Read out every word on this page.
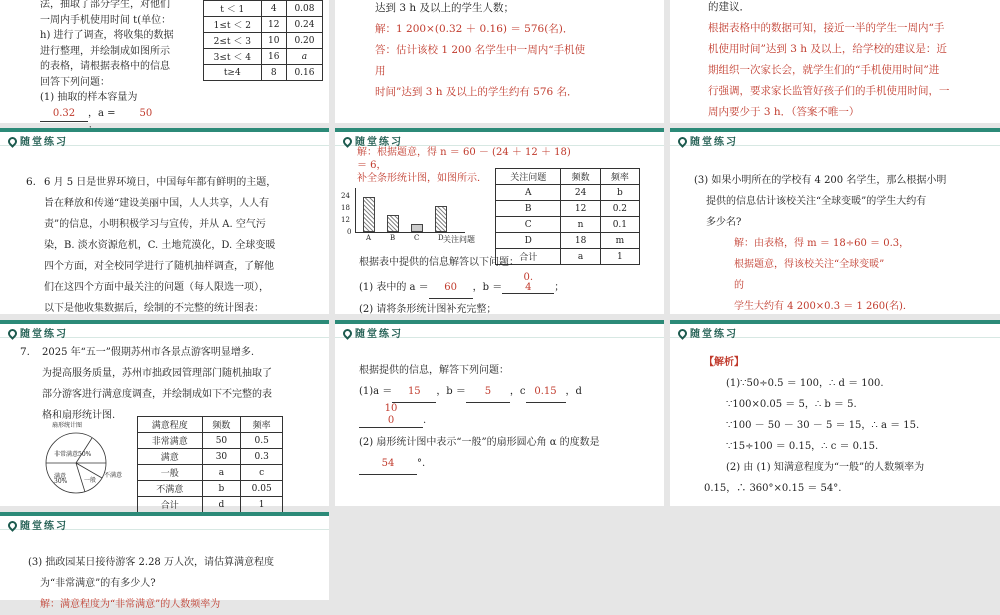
法，抽取了部分学生，对他们
一周内手机使用时间 t(单位：
h) 进行了调查，将收集的数据
进行整理，并绘制成如图所示
的表格，请根据表格中的信息
回答下列问题：
(1) 抽取的样本容量为
0.32 ，a = 50
t ＜ 1	4	0.08
1≤t ＜ 2	12	0.24
2≤t ＜ 3	10	0.20
3≤t ＜ 4	16	a
t≥4	8	0.16
达到 3 h 及以上的学生人数；
解：1 200×(0.32 ＋ 0.16) ＝ 576(名)．
答：估计该校 1 200 名学生中一周内“手机使
用
时间”达到 3 h 及以上的学生约有 576 名．
的建议．
根据表格中的数据可知，接近一半的学生一周内“手
机使用时间”达到 3 h 及以上，给学校的建议是：近
期组织一次家长会，就学生们的“手机使用时间”进
行强调，要求家长监管好孩子们的手机使用时间，一
周内要少于 3 h．（答案不唯一）
随堂练习
6. 6 月 5 日是世界环境日，中国每年都有鲜明的主题，
旨在释放和传递“建设美丽中国，人人共享，人人有
责”的信息，小明积极学习与宣传，并从 A. 空气污
染，B. 淡水资源危机，C. 土地荒漠化，D. 全球变暖
四个方面，对全校同学进行了随机抽样调查，了解他
们在这四个方面中最关注的问题（每人限选一项），
以下是他收集数据后，绘制的不完整的统计图表：
随堂练习
解：根据题意，得 n ＝ 60 － (24 ＋ 12 ＋ 18)
＝ 6，
补全条形统计图，如图所示．
24
18
12
0
A	B	C	D 关注问题
关注问题	频数	频率
A	24	b
B	12	0.2
C	n	0.1
D	18	m
合计	a	1
根据表中提供的信息解答以下问题：
(1) 表中的 a ＝ 60 ，b ＝0.
4 ；
(2) 请将条形统计图补充完整；
随堂练习
(3) 如果小明所在的学校有 4 200 名学生，那么根据小明
提供的信息估计该校关注“全球变暖”的学生大约有
多少名?
解：由表格，得 m ＝ 18÷60 ＝ 0.3，
根据题意，得该校关注“全球变暖”
的
学生大约有 4 200×0.3 ＝ 1 260(名)．
随堂练习
7. 2025 年“五一”假期苏州市各景点游客明显增多.
为提高服务质量，苏州市拙政园管理部门随机抽取了
部分游客进行满意度调查，并绘制成如下不完整的表
格和扇形统计图.
扇形统计图
非常满意50%
满意
30%	一般
不满意
满意程度	频数	频率
非常满意	50	0.5
满意	30	0.3
一般	a	c
不满意	b	0.05
合计	d	1
随堂练习
根据提供的信息，解答下列问题：
(1)a ＝ 15 ，b ＝ 5 ，c 0.15 ，d
10
0	.
(2) 扇形统计图中表示“一般”的扇形圆心角 α 的度数是
54 °.
随堂练习
【解析】
(1)∵50÷0.5 ＝ 100，∴ d ＝ 100.
∵100×0.05 ＝ 5，∴ b ＝ 5.
∵100 － 50 － 30 － 5 ＝ 15，∴ a ＝ 15.
∵15÷100 ＝ 0.15，∴ c ＝ 0.15.
(2) 由 (1) 知满意程度为“一般”的人数频率为
0.15，∴ 360°×0.15 ＝ 54°.
随堂练习
(3) 拙政园某日接待游客 2.28 万人次，请估算满意程度
为“非常满意”的有多少人?
解：满意程度为“非常满意”的人数频率为
